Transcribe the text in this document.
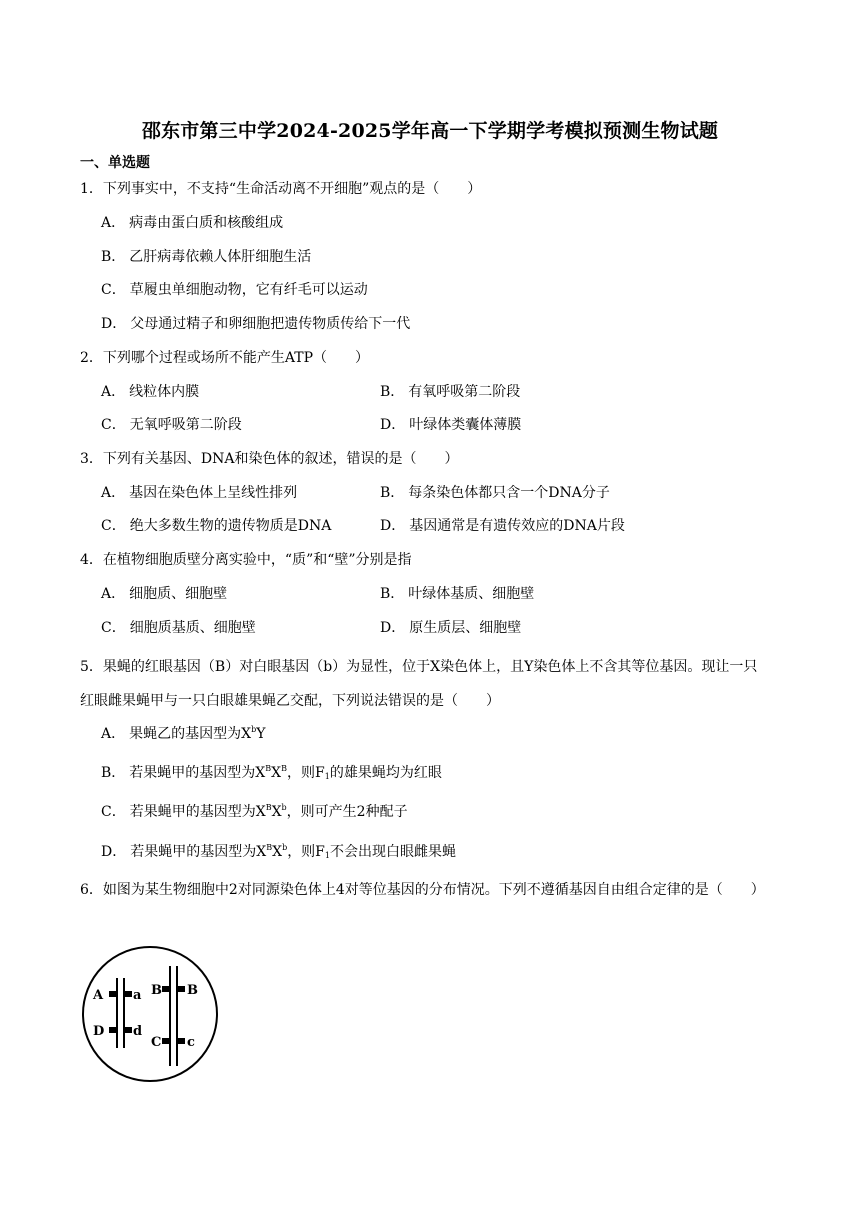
邵东市第三中学2024-2025学年高一下学期学考模拟预测生物试题
一、单选题
1．下列事实中，不支持“生命活动离不开细胞”观点的是（　　）
A． 病毒由蛋白质和核酸组成
B． 乙肝病毒依赖人体肝细胞生活
C． 草履虫单细胞动物，它有纤毛可以运动
D． 父母通过精子和卵细胞把遗传物质传给下一代
2．下列哪个过程或场所不能产生ATP（　　）
A． 线粒体内膜	B． 有氧呼吸第二阶段
C． 无氧呼吸第二阶段	D． 叶绿体类囊体薄膜
3．下列有关基因、DNA和染色体的叙述，错误的是（　　）
A． 基因在染色体上呈线性排列	B． 每条染色体都只含一个DNA分子
C． 绝大多数生物的遗传物质是DNA	D． 基因通常是有遗传效应的DNA片段
4．在植物细胞质壁分离实验中，“质”和“壁”分别是指
A． 细胞质、细胞壁	B． 叶绿体基质、细胞壁
C． 细胞质基质、细胞壁	D． 原生质层、细胞壁
5．果蝇的红眼基因（B）对白眼基因（b）为显性，位于X染色体上，且Y染色体上不含其等位基因。现让一只红眼雌果蝇甲与一只白眼雄果蝇乙交配，下列说法错误的是（　　）
A． 果蝇乙的基因型为$X^bY$
B． 若果蝇甲的基因型为$X^BX^B$，则$F_1$的雄果蝇均为红眼
C． 若果蝇甲的基因型为$X^BX^b$，则可产生2种配子
D． 若果蝇甲的基因型为$X^BX^b$，则$F_1$不会出现白眼雌果蝇
6．如图为某生物细胞中2对同源染色体上4对等位基因的分布情况。下列不遵循基因自由组合定律的是（　　）
A a
D d
B B
C c
